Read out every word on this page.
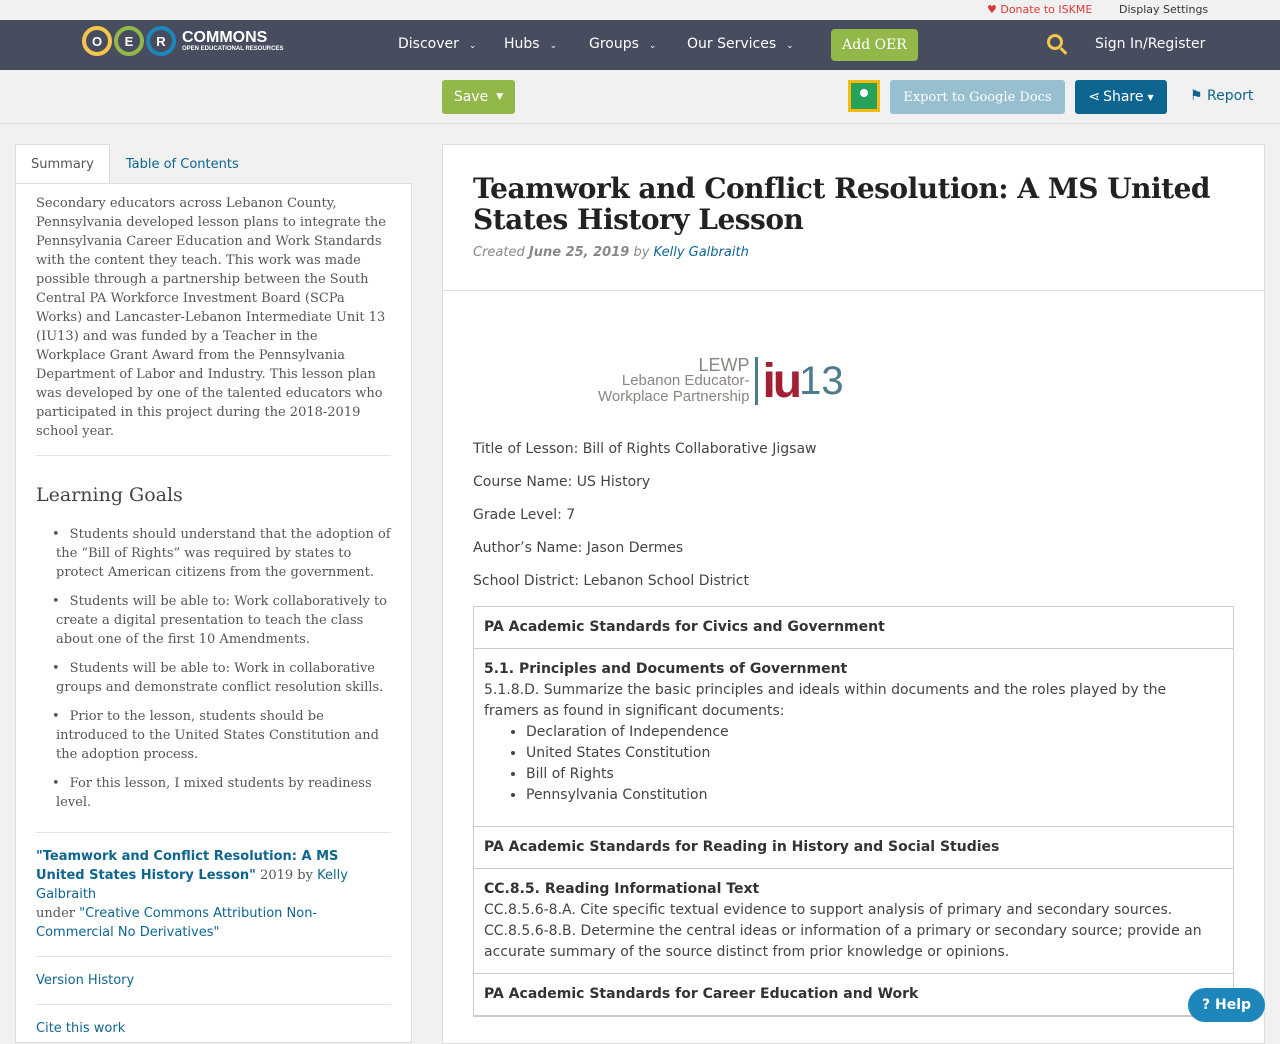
♥ Donate to ISKME Display Settings
O	E	R	COMMONS
OPEN EDUCATIONAL RESOURCES	Discover ⌄ Hubs ⌄ Groups ⌄ Our Services ⌄	Add OER	Sign In/Register
Save ▼	Export to Google Docs	⋖ Share ▼	⚑ Report
Summary	Table of Contents

Secondary educators across Lebanon County, Pennsylvania developed lesson plans to integrate the Pennsylvania Career Education and Work Standards with the content they teach. This work was made possible through a partnership between the South Central PA Workforce Investment Board (SCPa Works) and Lancaster-Lebanon Intermediate Unit 13 (IU13) and was funded by a Teacher in the Workplace Grant Award from the Pennsylvania Department of Labor and Industry. This lesson plan was developed by one of the talented educators who participated in this project during the 2018-2019 school year.

Learning Goals
• Students should understand that the adoption of the “Bill of Rights” was required by states to protect American citizens from the government.
• Students will be able to: Work collaboratively to create a digital presentation to teach the class about one of the first 10 Amendments.
• Students will be able to: Work in collaborative groups and demonstrate conflict resolution skills.
• Prior to the lesson, students should be introduced to the United States Constitution and the adoption process.
• For this lesson, I mixed students by readiness level.

"Teamwork and Conflict Resolution: A MS United States History Lesson" 2019 by Kelly Galbraith
under "Creative Commons Attribution Non-Commercial No Derivatives"

Version History
Cite this work
Teamwork and Conflict Resolution: A MS United States History Lesson
Created June 25, 2019 by Kelly Galbraith
LEWP
Lebanon Educator-
Workplace Partnership iu 13

Title of Lesson: Bill of Rights Collaborative Jigsaw

Course Name: US History

Grade Level: 7

Author’s Name: Jason Dermes

School District: Lebanon School District

PA Academic Standards for Civics and Government
5.1. Principles and Documents of Government
5.1.8.D. Summarize the basic principles and ideals within documents and the roles played by the framers as found in significant documents:
• Declaration of Independence
• United States Constitution
• Bill of Rights
• Pennsylvania Constitution
PA Academic Standards for Reading in History and Social Studies
CC.8.5. Reading Informational Text
CC.8.5.6-8.A. Cite specific textual evidence to support analysis of primary and secondary sources.
CC.8.5.6-8.B. Determine the central ideas or information of a primary or secondary source; provide an accurate summary of the source distinct from prior knowledge or opinions.
PA Academic Standards for Career Education and Work
? Help
